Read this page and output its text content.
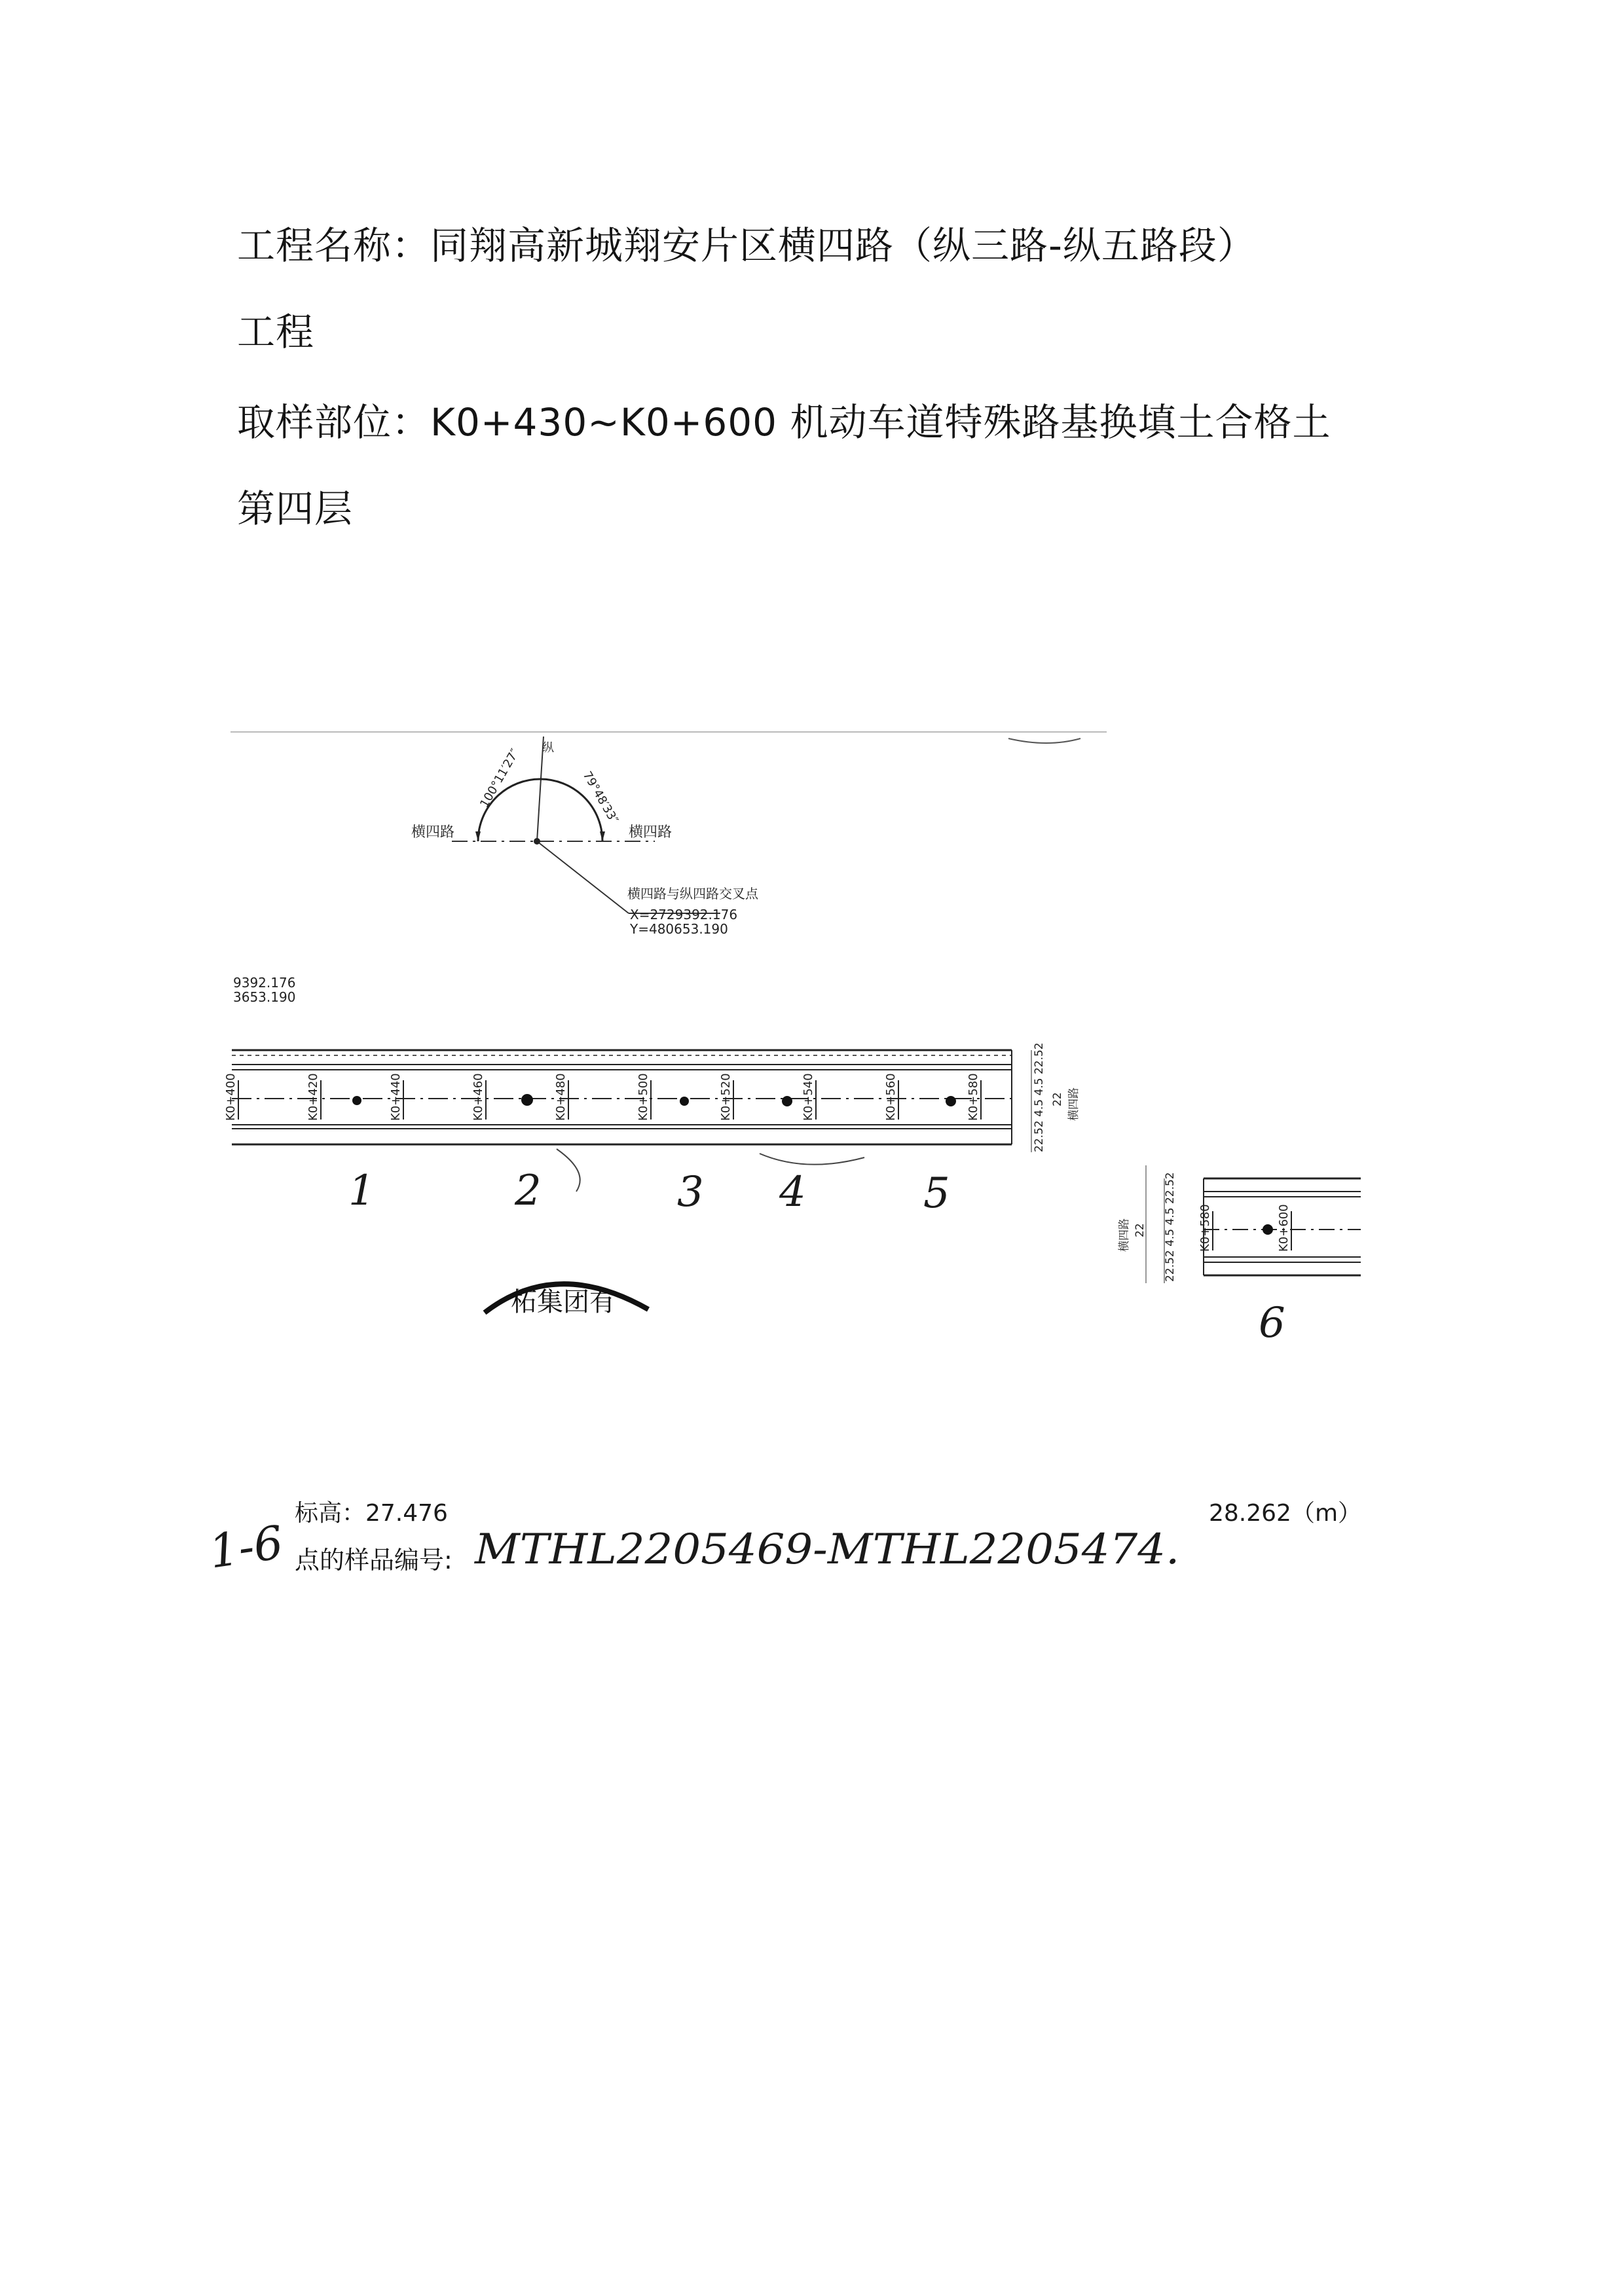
工程名称：同翔高新城翔安片区横四路（纵三路-纵五路段）
工程
取样部位：K0+430~K0+600 机动车道特殊路基换填土合格土
第四层
横四路	横四路
100°11′27″	79°48′33″
纵
横四路与纵四路交叉点
X=2729392.176
Y=480653.190
9392.176
3653.190
K0+400	K0+420	K0+440	K0+460	K0+480	K0+500	K0+520	K0+540	K0+560	K0+580	22.52 4.5 4.5 22.52 22 横四路
1	2	3 4	5
柘集团有
22.52 4.5 4.5 22.52
横四路 22	K0+580	K0+600
6
标高：27.476	28.262（m）
1-6 点的样品编号: MTHL2205469-MTHL2205474.
